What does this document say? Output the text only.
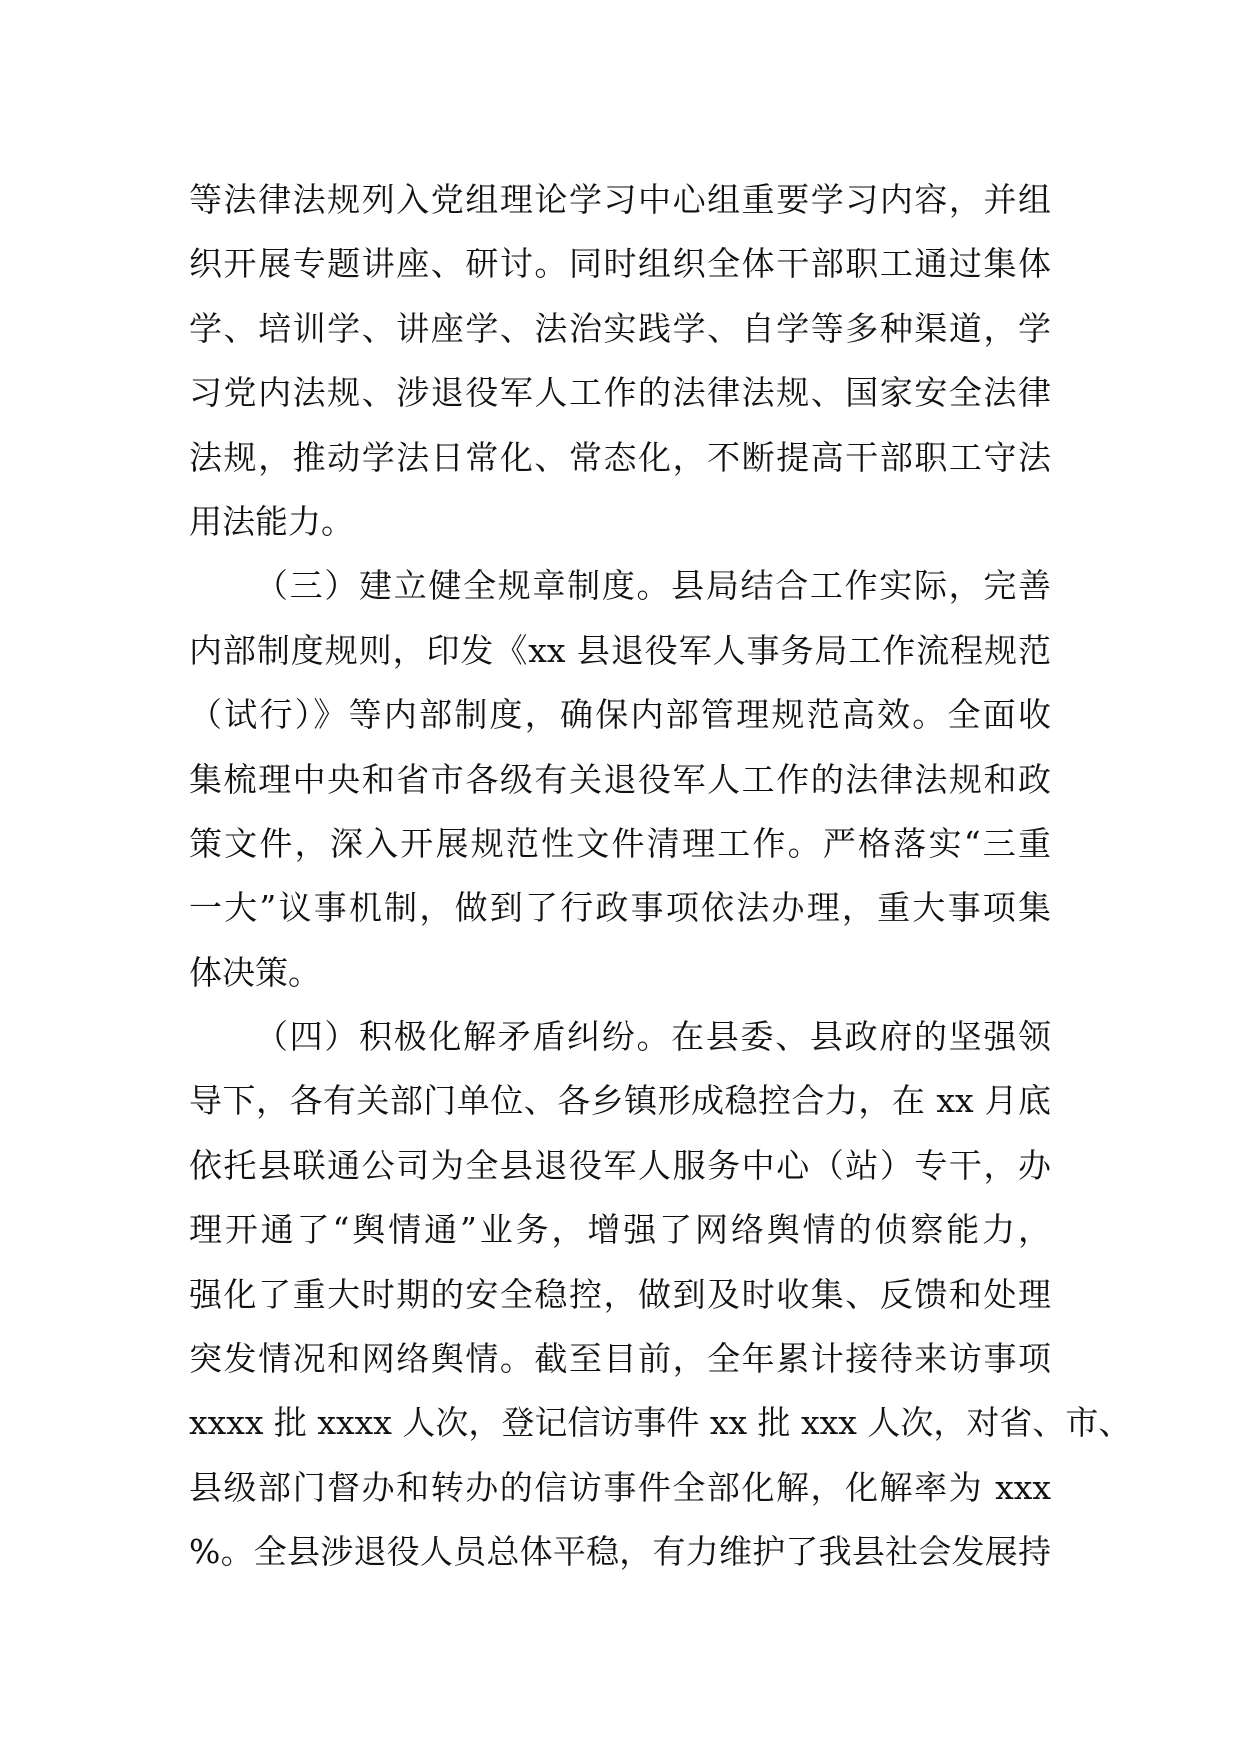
等法律法规列入党组理论学习中心组重要学习内容，并组
织开展专题讲座、研讨。同时组织全体干部职工通过集体
学、培训学、讲座学、法治实践学、自学等多种渠道，学
习党内法规、涉退役军人工作的法律法规、国家安全法律
法规，推动学法日常化、常态化，不断提高干部职工守法
用法能力。
（三）建立健全规章制度。县局结合工作实际，完善
内部制度规则，印发《xx 县退役军人事务局工作流程规范
（试行）》等内部制度，确保内部管理规范高效。全面收
集梳理中央和省市各级有关退役军人工作的法律法规和政
策文件，深入开展规范性文件清理工作。严格落实“三重
一大”议事机制，做到了行政事项依法办理，重大事项集
体决策。
（四）积极化解矛盾纠纷。在县委、县政府的坚强领
导下，各有关部门单位、各乡镇形成稳控合力，在 xx 月底
依托县联通公司为全县退役军人服务中心（站）专干，办
理开通了“舆情通”业务，增强了网络舆情的侦察能力，
强化了重大时期的安全稳控，做到及时收集、反馈和处理
突发情况和网络舆情。截至目前，全年累计接待来访事项
xxxx 批 xxxx 人次，登记信访事件 xx 批 xxx 人次，对省、市、
县级部门督办和转办的信访事件全部化解，化解率为 xxx
%。全县涉退役人员总体平稳，有力维护了我县社会发展持
